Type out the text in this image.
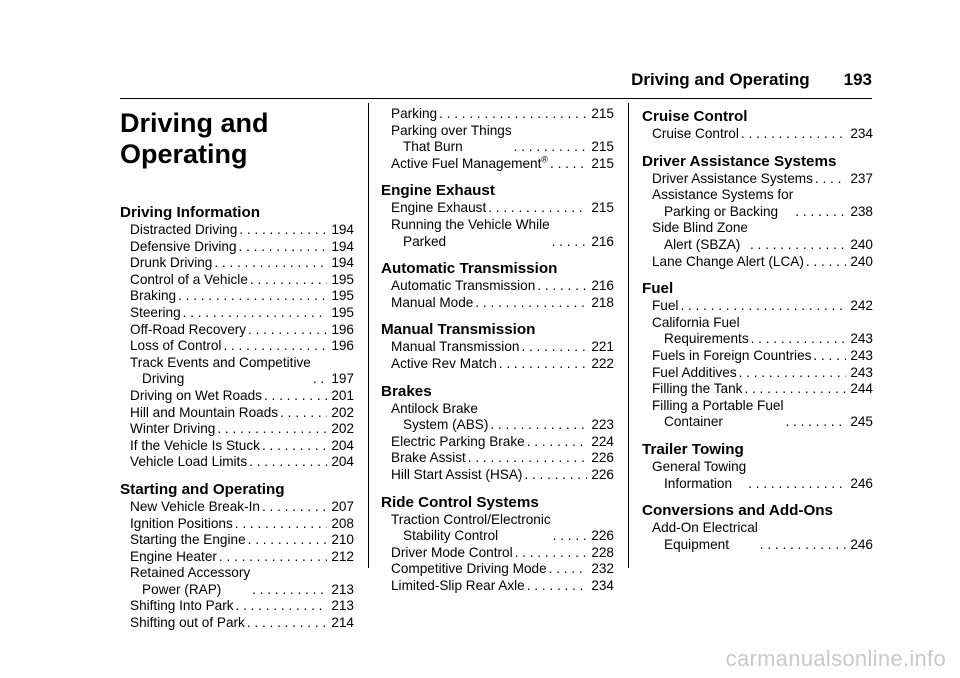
Driving and Operating 193
Driving and
Operating
Driving Information
Distracted Driving . . .	194
Defensive Driving . . .	194
Drunk Driving . . .	194
Control of a Vehicle . . .	195
Braking . . .	195
Steering . . .	195
Off-Road Recovery . . .	196
Loss of Control . . .	196
Track Events and Competitive
Driving . . .	197
Driving on Wet Roads . . .	201
Hill and Mountain Roads . . .	202
Winter Driving . . .	202
If the Vehicle Is Stuck . . .	204
Vehicle Load Limits . . .	204
Starting and Operating
New Vehicle Break-In . . .	207
Ignition Positions . . .	208
Starting the Engine . . .	210
Engine Heater . . .	212
Retained Accessory
Power (RAP) . . .	213
Shifting Into Park . . .	213
Shifting out of Park . . .	214
Parking . . .	215
Parking over Things
That Burn . . .	215
Active Fuel Management® . . .	215
Engine Exhaust
Engine Exhaust . . .	215
Running the Vehicle While
Parked . . .	216
Automatic Transmission
Automatic Transmission . . .	216
Manual Mode . . .	218
Manual Transmission
Manual Transmission . . .	221
Active Rev Match . . .	222
Brakes
Antilock Brake
System (ABS) . . .	223
Electric Parking Brake . . .	224
Brake Assist . . .	226
Hill Start Assist (HSA) . . .	226
Ride Control Systems
Traction Control/Electronic
Stability Control . . .	226
Driver Mode Control . . .	228
Competitive Driving Mode . . .	232
Limited-Slip Rear Axle . . .	234
Cruise Control
Cruise Control . . .	234
Driver Assistance Systems
Driver Assistance Systems . . .	237
Assistance Systems for
Parking or Backing . . .	238
Side Blind Zone
Alert (SBZA) . . .	240
Lane Change Alert (LCA) . . .	240
Fuel
Fuel . . .	242
California Fuel
Requirements . . .	243
Fuels in Foreign Countries . . .	243
Fuel Additives . . .	243
Filling the Tank . . .	244
Filling a Portable Fuel
Container . . .	245
Trailer Towing
General Towing
Information . . .	246
Conversions and Add-Ons
Add-On Electrical
Equipment . . .	246
carmanualsonline.info
